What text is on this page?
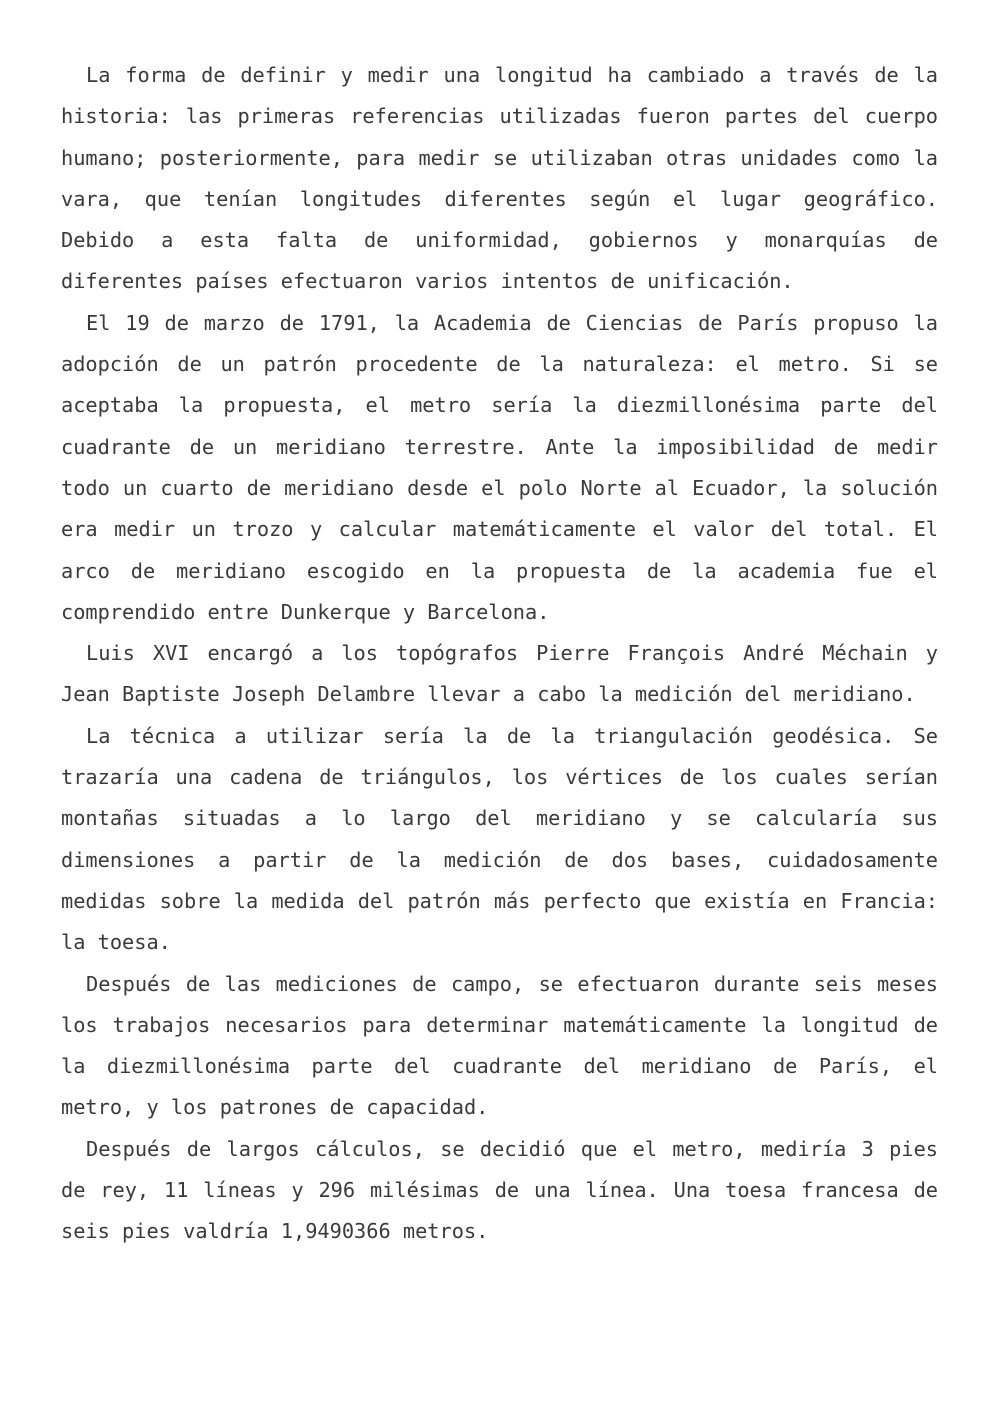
La forma de definir y medir una longitud ha cambiado a través de la historia: las primeras referencias utilizadas fueron partes del cuerpo humano; posteriormente, para medir se utilizaban otras unidades como la vara, que tenían longitudes diferentes según el lugar geográfico. Debido a esta falta de uniformidad, gobiernos y monarquías de diferentes países efectuaron varios intentos de unificación.

El 19 de marzo de 1791, la Academia de Ciencias de París propuso la adopción de un patrón procedente de la naturaleza: el metro. Si se aceptaba la propuesta, el metro sería la diezmillonésima parte del cuadrante de un meridiano terrestre. Ante la imposibilidad de medir todo un cuarto de meridiano desde el polo Norte al Ecuador, la solución era medir un trozo y calcular matemáticamente el valor del total. El arco de meridiano escogido en la propuesta de la academia fue el comprendido entre Dunkerque y Barcelona.

Luis XVI encargó a los topógrafos Pierre François André Méchain y Jean Baptiste Joseph Delambre llevar a cabo la medición del meridiano.

La técnica a utilizar sería la de la triangulación geodésica. Se trazaría una cadena de triángulos, los vértices de los cuales serían montañas situadas a lo largo del meridiano y se calcularía sus dimensiones a partir de la medición de dos bases, cuidadosamente medidas sobre la medida del patrón más perfecto que existía en Francia: la toesa.

Después de las mediciones de campo, se efectuaron durante seis meses los trabajos necesarios para determinar matemáticamente la longitud de la diezmillonésima parte del cuadrante del meridiano de París, el metro, y los patrones de capacidad.

Después de largos cálculos, se decidió que el metro, mediría 3 pies de rey, 11 líneas y 296 milésimas de una línea. Una toesa francesa de seis pies valdría 1,9490366 metros.
